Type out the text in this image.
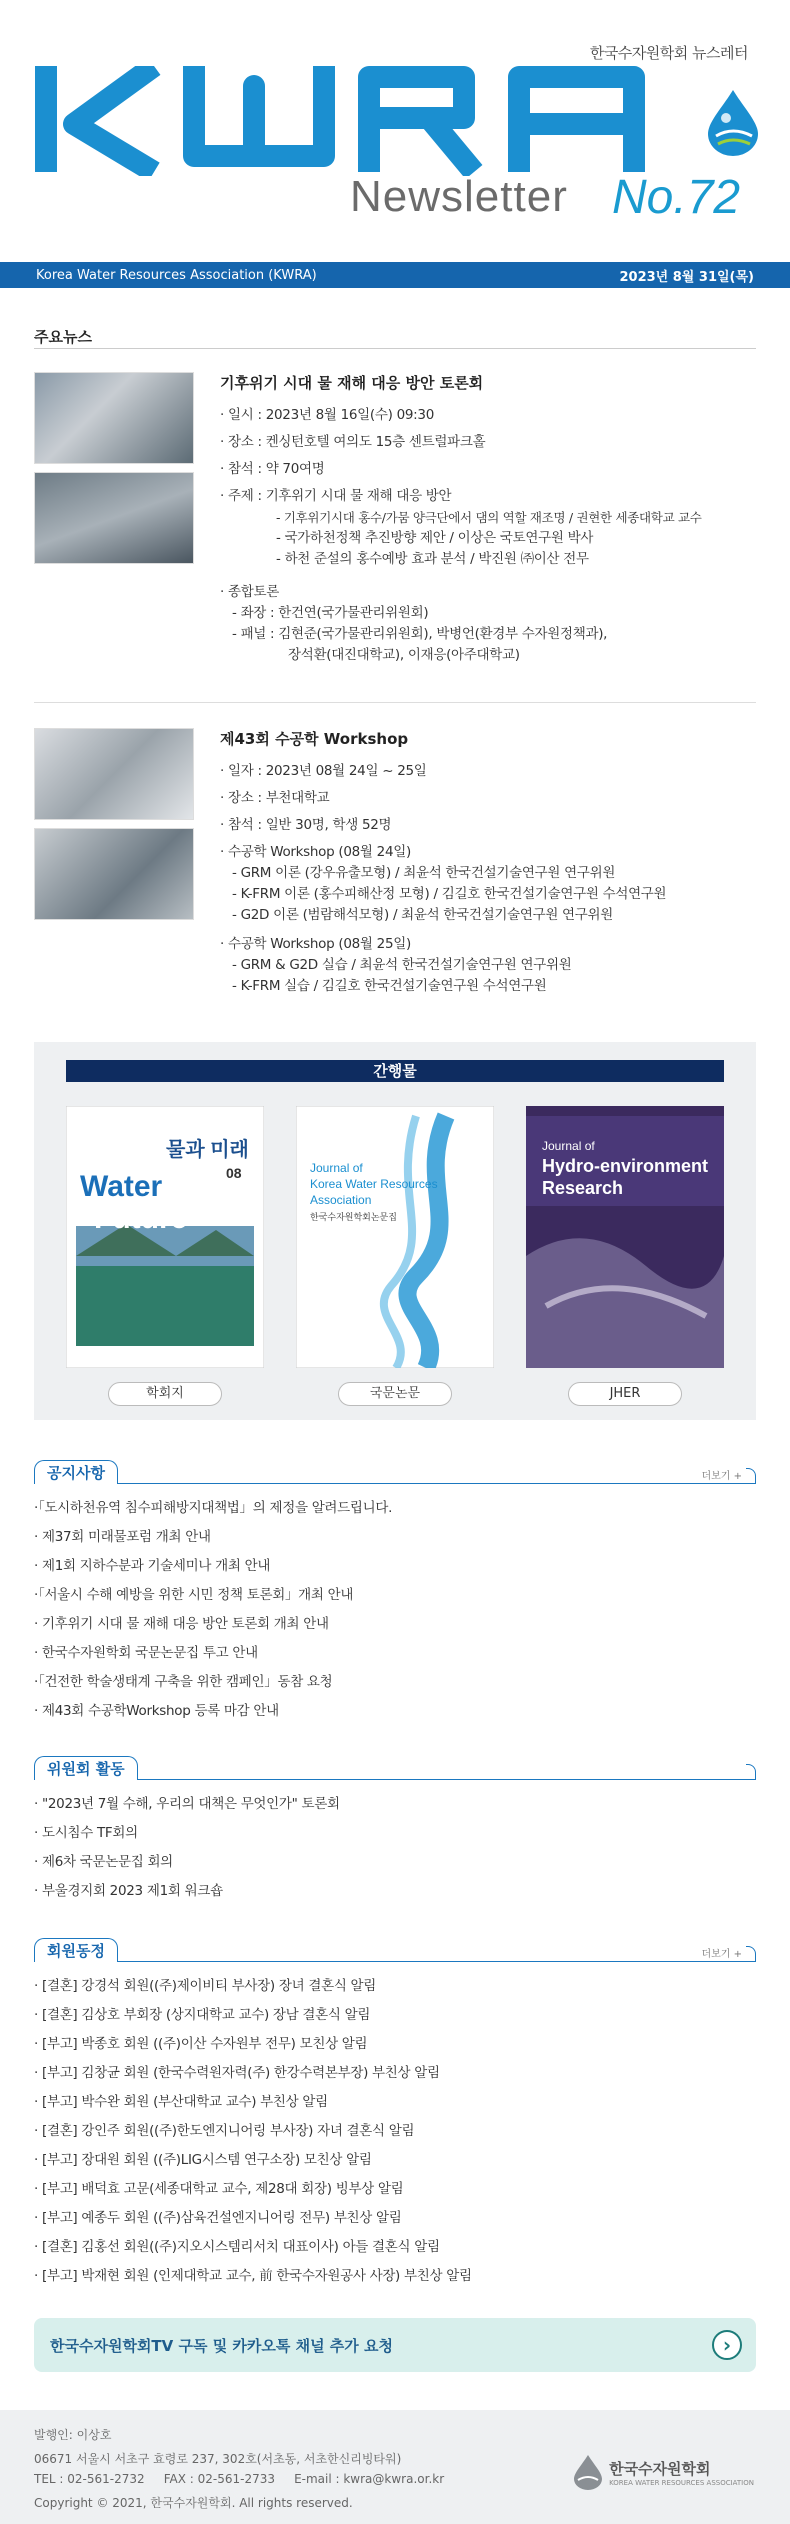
한국수자원학회 뉴스레터
Newsletter No.72
Korea Water Resources Association (KWRA)	2023년 8월 31일(목)
주요뉴스
기후위기 시대 물 재해 대응 방안 토론회
· 일시 : 2023년 8월 16일(수) 09:30
· 장소 : 켄싱턴호텔 여의도 15층 센트럴파크홀
· 참석 : 약 70여명
· 주제 : 기후위기 시대 물 재해 대응 방안
- 기후위기시대 홍수/가뭄 양극단에서 댐의 역할 재조명 / 권현한 세종대학교 교수
- 국가하천정책 추진방향 제안 / 이상은 국토연구원 박사
- 하천 준설의 홍수예방 효과 분석 / 박진원 ㈜이산 전무
· 종합토론
- 좌장 : 한건연(국가물관리위원회)
- 패널 : 김현준(국가물관리위원회), 박병언(환경부 수자원정책과),
장석환(대진대학교), 이재응(아주대학교)
제43회 수공학 Workshop
· 일자 : 2023년 08월 24일 ~ 25일
· 장소 : 부천대학교
· 참석 : 일반 30명, 학생 52명
· 수공학 Workshop (08월 24일)
- GRM 이론 (강우유출모형) / 최윤석 한국건설기술연구원 연구위원
- K-FRM 이론 (홍수피해산정 모형) / 김길호 한국건설기술연구원 수석연구원
- G2D 이론 (범람해석모형) / 최윤석 한국건설기술연구원 연구위원
· 수공학 Workshop (08월 25일)
- GRM & G2D 실습 / 최윤석 한국건설기술연구원 연구위원
- K-FRM 실습 / 김길호 한국건설기술연구원 수석연구원
간행물
물과 미래
Water
Future
08
학회지
Journal of
Korea Water Resources
Association
한국수자원학회논문집
국문논문
Journal of
Hydro-environment
Research
JHER
공지사항	더보기 +
·「도시하천유역 침수피해방지대책법」의 제정을 알려드립니다.
· 제37회 미래물포럼 개최 안내
· 제1회 지하수분과 기술세미나 개최 안내
·「서울시 수해 예방을 위한 시민 정책 토론회」개최 안내
· 기후위기 시대 물 재해 대응 방안 토론회 개최 안내
· 한국수자원학회 국문논문집 투고 안내
·「건전한 학술생태계 구축을 위한 캠페인」동참 요청
· 제43회 수공학Workshop 등록 마감 안내
위원회 활동
· "2023년 7월 수해, 우리의 대책은 무엇인가" 토론회
· 도시침수 TF회의
· 제6차 국문논문집 회의
· 부울경지회 2023 제1회 워크숍
회원동정	더보기 +
· [결혼] 강경석 회원((주)제이비티 부사장) 장녀 결혼식 알림
· [결혼] 김상호 부회장 (상지대학교 교수) 장남 결혼식 알림
· [부고] 박종호 회원 ((주)이산 수자원부 전무) 모친상 알림
· [부고] 김창균 회원 (한국수력원자력(주) 한강수력본부장) 부친상 알림
· [부고] 박수완 회원 (부산대학교 교수) 부친상 알림
· [결혼] 강인주 회원((주)한도엔지니어링 부사장) 자녀 결혼식 알림
· [부고] 장대원 회원 ((주)LIG시스템 연구소장) 모친상 알림
· [부고] 배덕효 고문(세종대학교 교수, 제28대 회장) 빙부상 알림
· [부고] 예종두 회원 ((주)삼육건설엔지니어링 전무) 부친상 알림
· [결혼] 김홍선 회원((주)지오시스템리서치 대표이사) 아들 결혼식 알림
· [부고] 박재현 회원 (인제대학교 교수, 前 한국수자원공사 사장) 부친상 알림
한국수자원학회TV 구독 및 카카오톡 채널 추가 요청	›
발행인: 이상호
06671 서울시 서초구 효령로 237, 302호(서초동, 서초한신리빙타워)
TEL : 02-561-2732     FAX : 02-561-2733     E-mail : kwra@kwra.or.kr
Copyright © 2021, 한국수자원학회. All rights reserved.
한국수자원학회
KOREA WATER RESOURCES ASSOCIATION
